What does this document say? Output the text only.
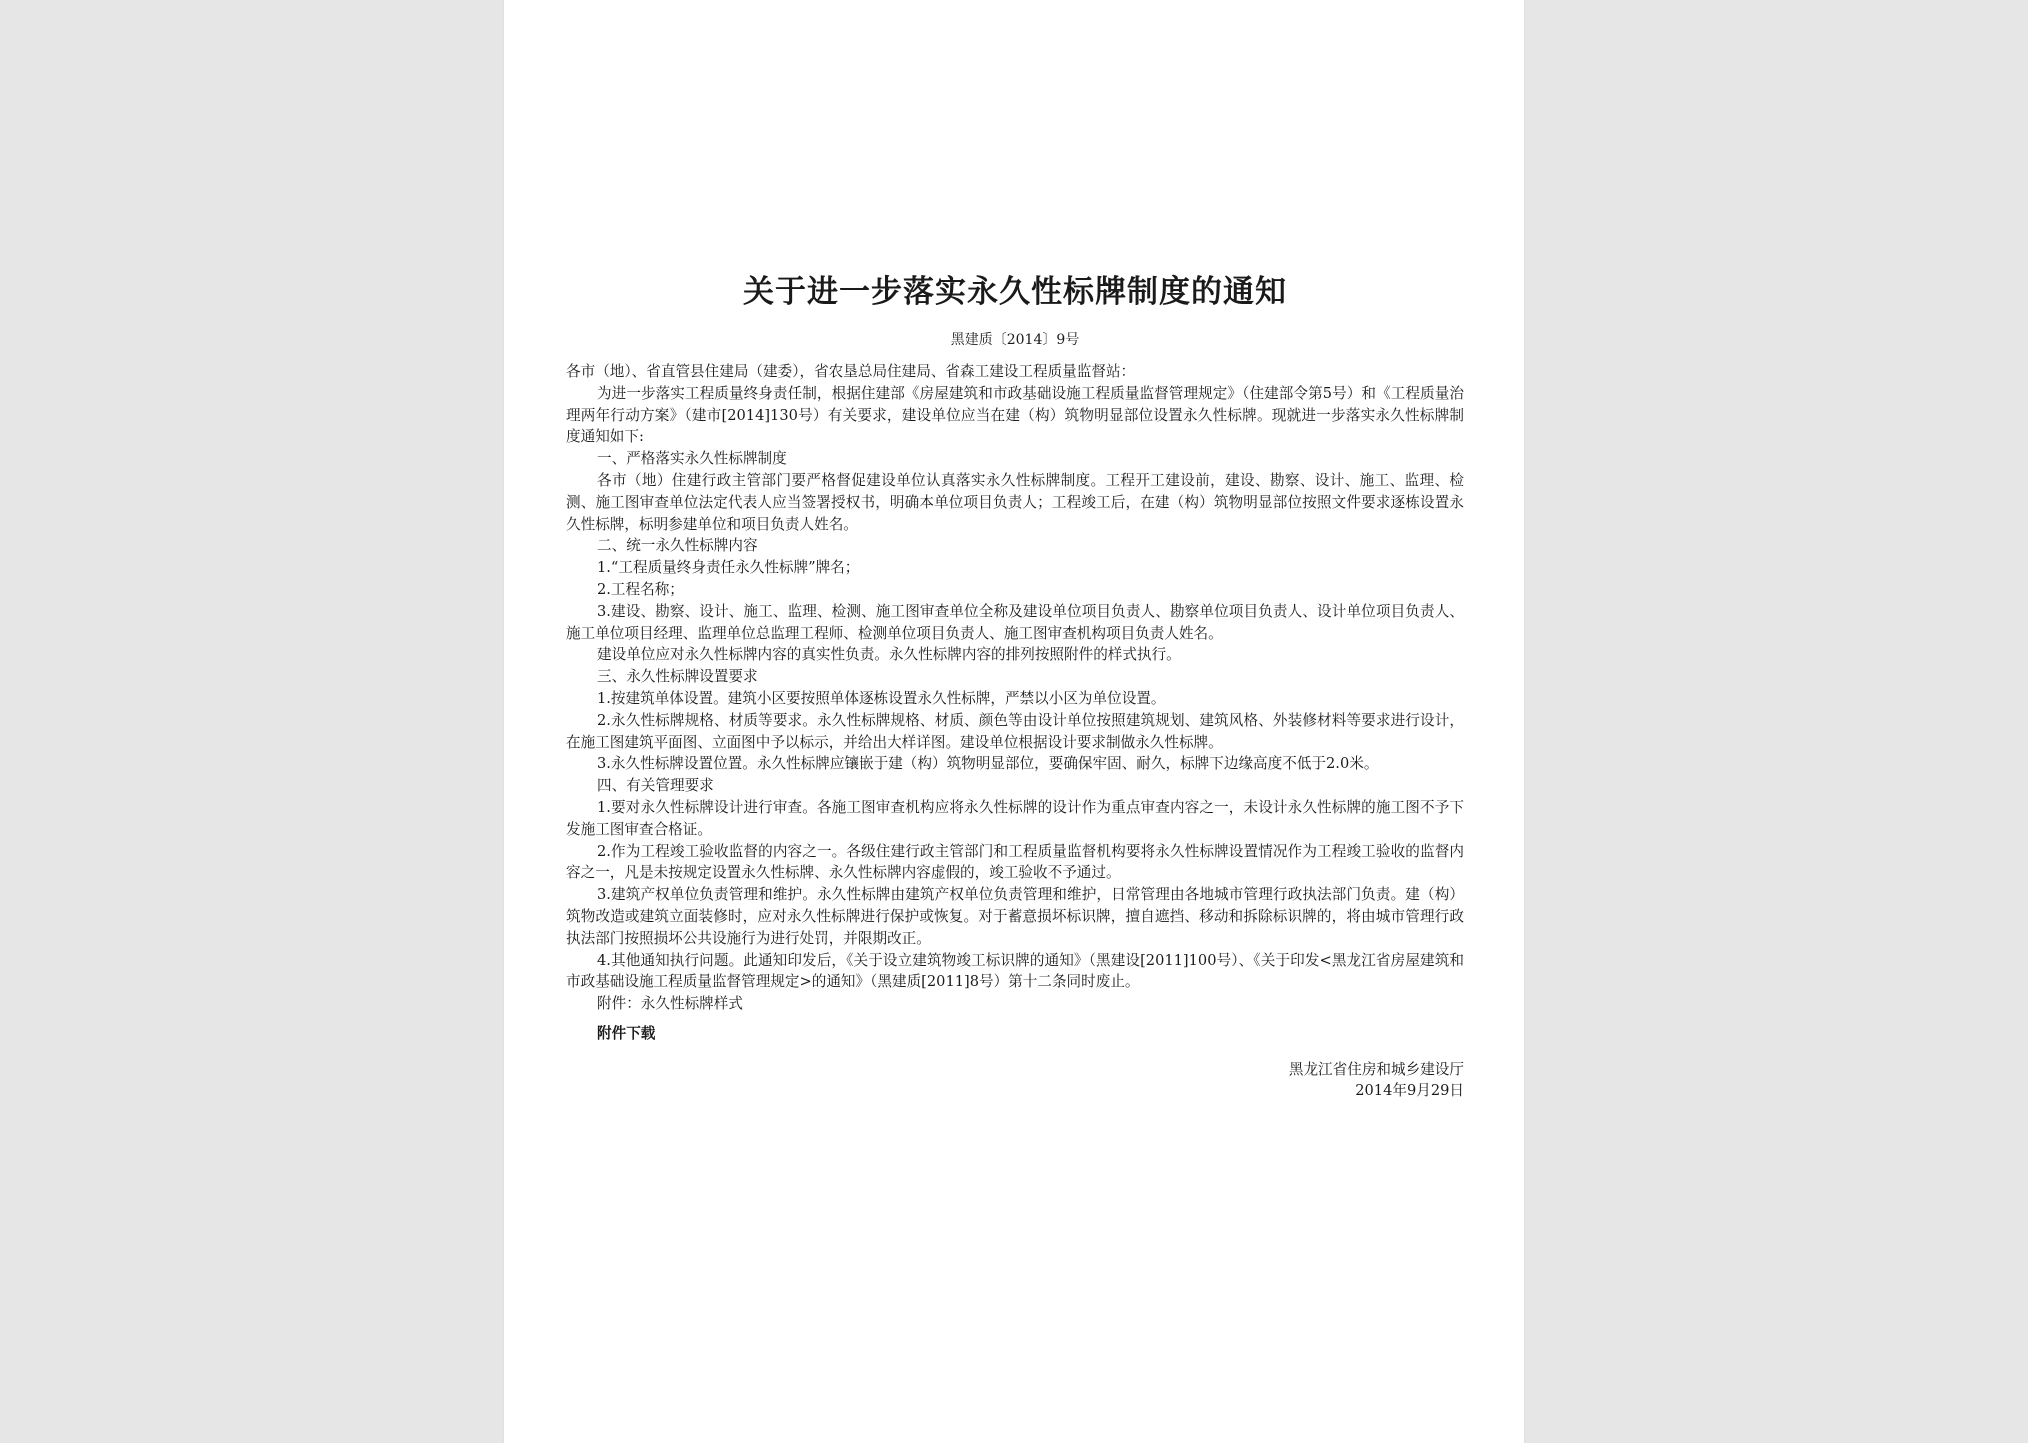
关于进一步落实永久性标牌制度的通知
黑建质〔2014〕9号

各市（地）、省直管县住建局（建委），省农垦总局住建局、省森工建设工程质量监督站：

为进一步落实工程质量终身责任制，根据住建部《房屋建筑和市政基础设施工程质量监督管理规定》（住建部令第5号）和《工程质量治理两年行动方案》（建市[2014]130号）有关要求，建设单位应当在建（构）筑物明显部位设置永久性标牌。现就进一步落实永久性标牌制度通知如下:

一、严格落实永久性标牌制度

各市（地）住建行政主管部门要严格督促建设单位认真落实永久性标牌制度。工程开工建设前，建设、勘察、设计、施工、监理、检测、施工图审查单位法定代表人应当签署授权书，明确本单位项目负责人；工程竣工后，在建（构）筑物明显部位按照文件要求逐栋设置永久性标牌，标明参建单位和项目负责人姓名。

二、统一永久性标牌内容

1.“工程质量终身责任永久性标牌”牌名；

2.工程名称；

3.建设、勘察、设计、施工、监理、检测、施工图审查单位全称及建设单位项目负责人、勘察单位项目负责人、设计单位项目负责人、施工单位项目经理、监理单位总监理工程师、检测单位项目负责人、施工图审查机构项目负责人姓名。

建设单位应对永久性标牌内容的真实性负责。永久性标牌内容的排列按照附件的样式执行。

三、永久性标牌设置要求

1.按建筑单体设置。建筑小区要按照单体逐栋设置永久性标牌，严禁以小区为单位设置。

2.永久性标牌规格、材质等要求。永久性标牌规格、材质、颜色等由设计单位按照建筑规划、建筑风格、外装修材料等要求进行设计，在施工图建筑平面图、立面图中予以标示，并给出大样详图。建设单位根据设计要求制做永久性标牌。

3.永久性标牌设置位置。永久性标牌应镶嵌于建（构）筑物明显部位，要确保牢固、耐久，标牌下边缘高度不低于2.0米。

四、有关管理要求

1.要对永久性标牌设计进行审查。各施工图审查机构应将永久性标牌的设计作为重点审查内容之一，未设计永久性标牌的施工图不予下发施工图审查合格证。

2.作为工程竣工验收监督的内容之一。各级住建行政主管部门和工程质量监督机构要将永久性标牌设置情况作为工程竣工验收的监督内容之一，凡是未按规定设置永久性标牌、永久性标牌内容虚假的，竣工验收不予通过。

3.建筑产权单位负责管理和维护。永久性标牌由建筑产权单位负责管理和维护，日常管理由各地城市管理行政执法部门负责。建（构）筑物改造或建筑立面装修时，应对永久性标牌进行保护或恢复。对于蓄意损坏标识牌，擅自遮挡、移动和拆除标识牌的，将由城市管理行政执法部门按照损坏公共设施行为进行处罚，并限期改正。

4.其他通知执行问题。此通知印发后，《关于设立建筑物竣工标识牌的通知》（黑建设[2011]100号）、《关于印发<黑龙江省房屋建筑和市政基础设施工程质量监督管理规定>的通知》（黑建质[2011]8号）第十二条同时废止。

附件：永久性标牌样式

附件下载

黑龙江省住房和城乡建设厅

2014年9月29日
